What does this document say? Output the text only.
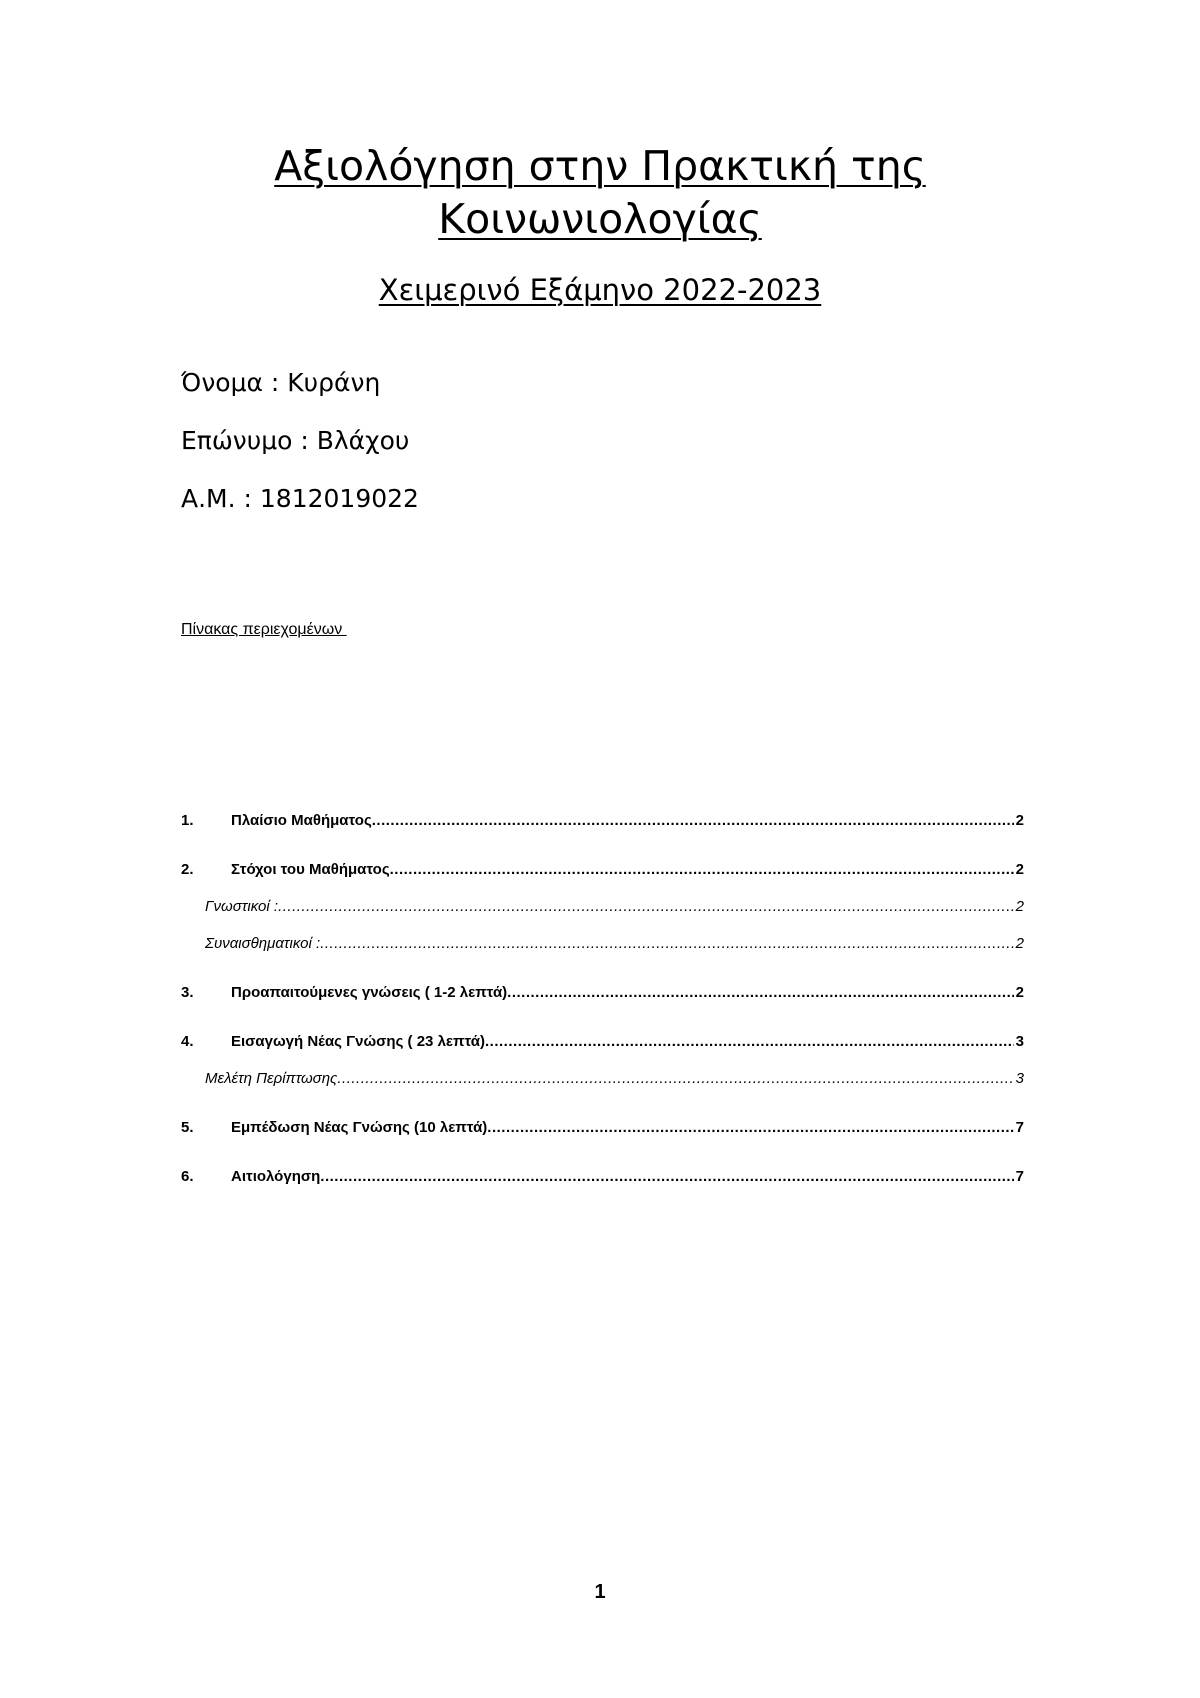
Αξιολόγηση στην Πρακτική της
Κοινωνιολογίας
Χειμερινό Εξάμηνο 2022-2023
Όνομα : Κυράνη
Επώνυμο : Βλάχου
Α.Μ. : 1812019022
Πίνακας περιεχομένων
1.	Πλαίσιο Μαθήματος .....	2
2.	Στόχοι του Μαθήματος .....	2
Γνωστικοί : .....	2
Συναισθηματικοί : .....	2
3.	Προαπαιτούμενες γνώσεις ( 1-2 λεπτά) .....	2
4.	Εισαγωγή Νέας Γνώσης ( 23 λεπτά) .....	3
Μελέτη Περίπτωσης .....	3
5.	Εμπέδωση Νέας Γνώσης (10 λεπτά) .....	7
6.	Αιτιολόγηση .....	7
1
